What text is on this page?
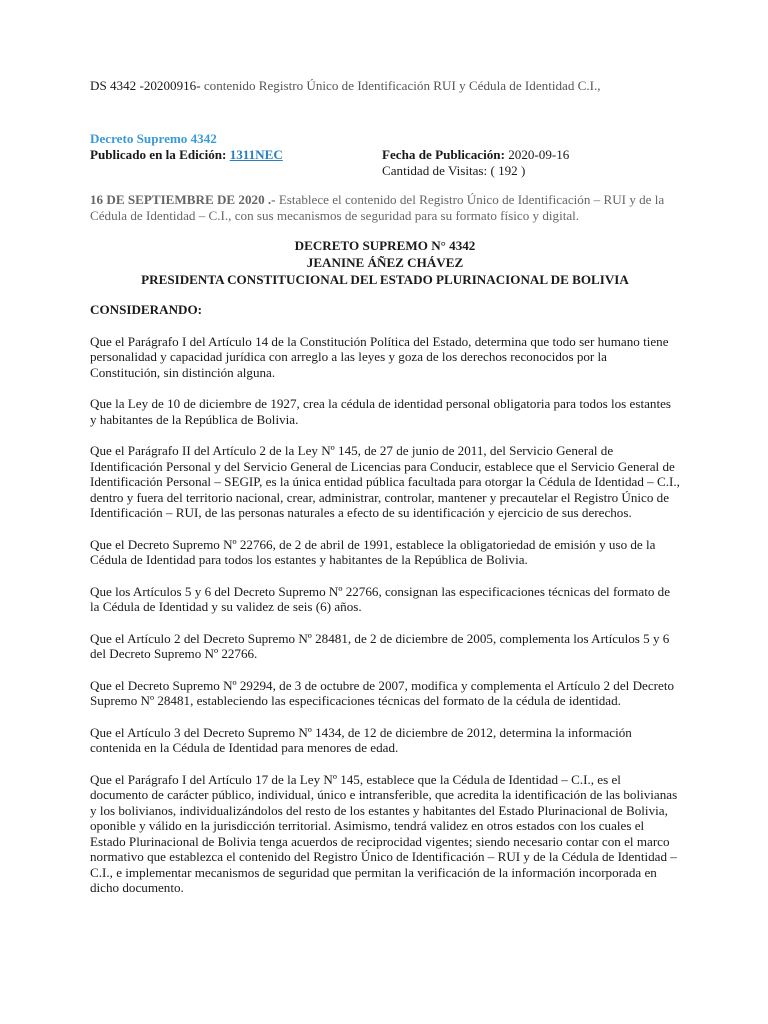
DS 4342 -20200916- contenido Registro Único de Identificación RUI y Cédula de Identidad C.I.,
Decreto Supremo 4342
Publicado en la Edición: 1311NEC	Fecha de Publicación: 2020-09-16
Cantidad de Visitas: ( 192 )
16 DE SEPTIEMBRE DE 2020 .- Establece el contenido del Registro Único de Identificación – RUI y de la Cédula de Identidad – C.I., con sus mecanismos de seguridad para su formato físico y digital.
DECRETO SUPREMO N° 4342
JEANINE ÁÑEZ CHÁVEZ
PRESIDENTA CONSTITUCIONAL DEL ESTADO PLURINACIONAL DE BOLIVIA
CONSIDERANDO:

Que el Parágrafo I del Artículo 14 de la Constitución Política del Estado, determina que todo ser humano tiene personalidad y capacidad jurídica con arreglo a las leyes y goza de los derechos reconocidos por la Constitución, sin distinción alguna.

Que la Ley de 10 de diciembre de 1927, crea la cédula de identidad personal obligatoria para todos los estantes y habitantes de la República de Bolivia.

Que el Parágrafo II del Artículo 2 de la Ley Nº 145, de 27 de junio de 2011, del Servicio General de Identificación Personal y del Servicio General de Licencias para Conducir, establece que el Servicio General de Identificación Personal – SEGIP, es la única entidad pública facultada para otorgar la Cédula de Identidad – C.I., dentro y fuera del territorio nacional, crear, administrar, controlar, mantener y precautelar el Registro Único de Identificación – RUI, de las personas naturales a efecto de su identificación y ejercicio de sus derechos.

Que el Decreto Supremo Nº 22766, de 2 de abril de 1991, establece la obligatoriedad de emisión y uso de la Cédula de Identidad para todos los estantes y habitantes de la República de Bolivia.

Que los Artículos 5 y 6 del Decreto Supremo Nº 22766, consignan las especificaciones técnicas del formato de la Cédula de Identidad y su validez de seis (6) años.

Que el Artículo 2 del Decreto Supremo Nº 28481, de 2 de diciembre de 2005, complementa los Artículos 5 y 6 del Decreto Supremo Nº 22766.

Que el Decreto Supremo Nº 29294, de 3 de octubre de 2007, modifica y complementa el Artículo 2 del Decreto Supremo Nº 28481, estableciendo las especificaciones técnicas del formato de la cédula de identidad.

Que el Artículo 3 del Decreto Supremo Nº 1434, de 12 de diciembre de 2012, determina la información contenida en la Cédula de Identidad para menores de edad.

Que el Parágrafo I del Artículo 17 de la Ley Nº 145, establece que la Cédula de Identidad – C.I., es el documento de carácter público, individual, único e intransferible, que acredita la identificación de las bolivianas y los bolivianos, individualizándolos del resto de los estantes y habitantes del Estado Plurinacional de Bolivia, oponible y válido en la jurisdicción territorial. Asimismo, tendrá validez en otros estados con los cuales el Estado Plurinacional de Bolivia tenga acuerdos de reciprocidad vigentes; siendo necesario contar con el marco normativo que establezca el contenido del Registro Único de Identificación – RUI y de la Cédula de Identidad – C.I., e implementar mecanismos de seguridad que permitan la verificación de la información incorporada en dicho documento.
